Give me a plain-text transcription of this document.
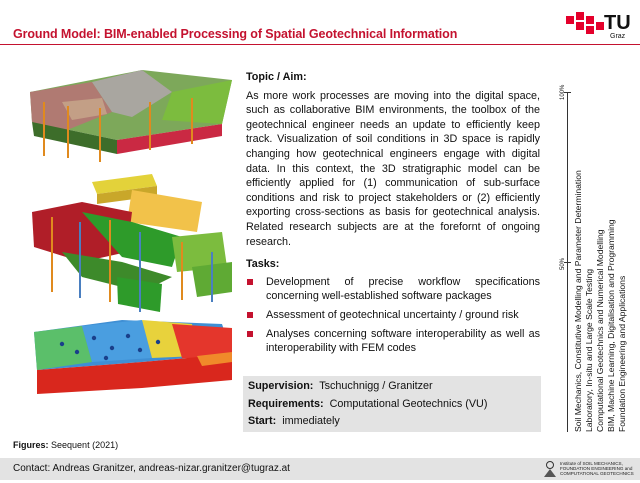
Ground Model: BIM-enabled Processing of Spatial Geotechnical Information	TU
Graz
Topic / Aim:
As more work processes are moving into the digital space, such as collaborative BIM environments, the toolbox of the geotechnical engineer needs an update to efficiently keep track. Visualization of soil conditions in 3D space is rapidly changing how geotechnical engineers engage with digital data. In this context, the 3D stratigraphic model can be efficiently applied for (1) communication of sub-surface conditions and risk to project stakeholders or (2) efficiently exporting cross-sections as basis for geotechnical analysis. Related research subjects are at the forefornt of ongoing research.
Tasks:
Development of precise workflow specifications concerning well-established software packages
Assessment of geotechnical uncertainty / ground risk
Analyses concerning software interoperability as well as interoperability with FEM codes
Supervision: Tschuchnigg / Granitzer
Requirements: Computational Geotechnics (VU)
Start: immediately
100%
50% Soil Mechanics, Constitutive Modelling and Parameter Determination Laboratory, In-situ and Large Scale Testing Computational Geotechnics and Numerical Modelling BIM, Machine Learning, Digitalisation and Programming Foundation Engineering and Applications
Figures: Seequent (2021)
Contact: Andreas Granitzer, andreas-nizar.granitzer@tugraz.at	Institute of SOIL MECHANICS, FOUNDATION ENGINEERING and COMPUTATIONAL GEOTECHNICS
